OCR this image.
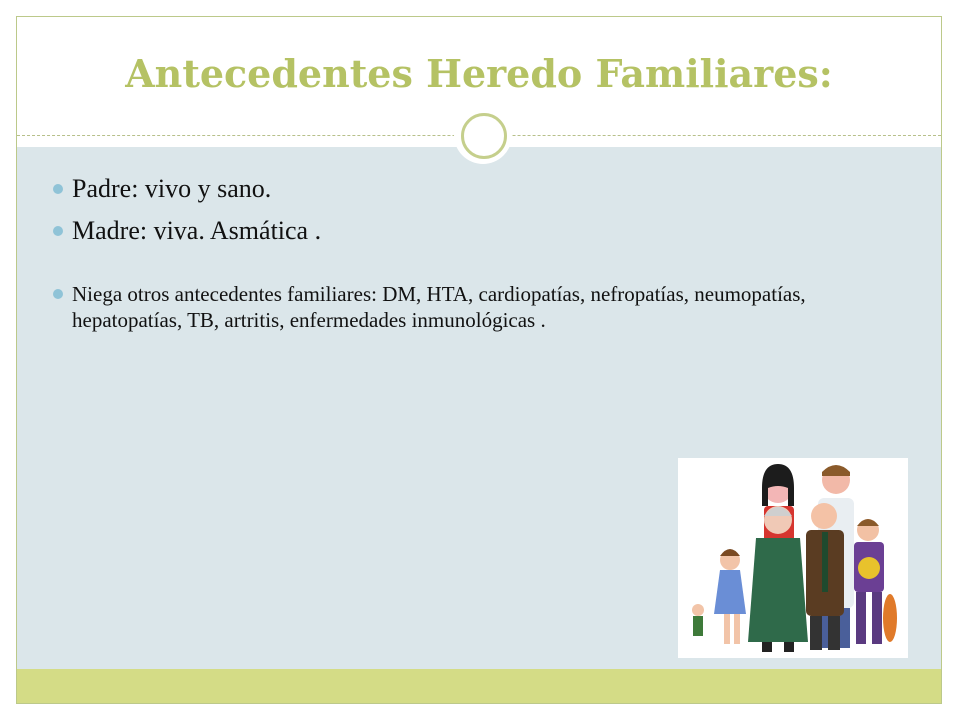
Antecedentes Heredo Familiares:
Padre: vivo y sano.
Madre: viva. Asmática .
Niega otros antecedentes familiares: DM, HTA, cardiopatías, nefropatías, neumopatías, hepatopatías, TB, artritis, enfermedades inmunológicas .
